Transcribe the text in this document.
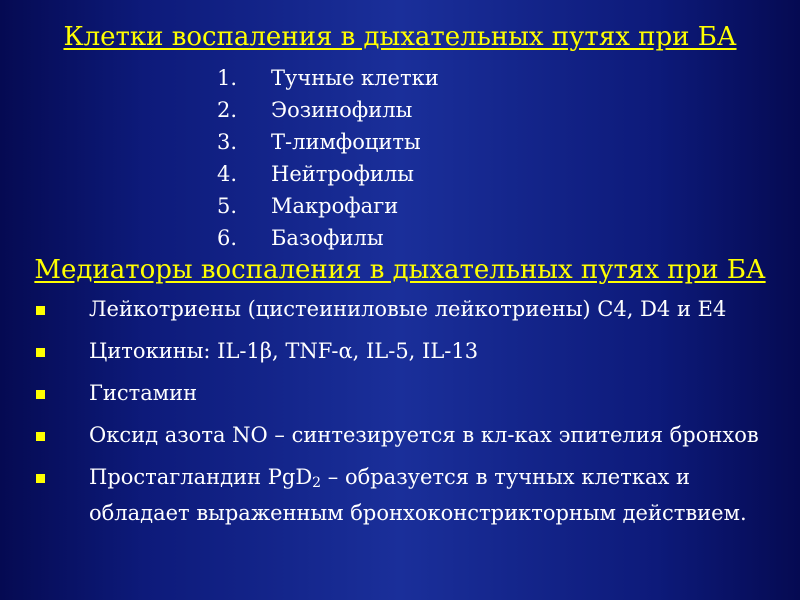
Клетки воспаления в дыхательных путях при БА
1.	Тучные клетки
2.	Эозинофилы
3.	Т-лимфоциты
4.	Нейтрофилы
5.	Макрофаги
6.	Базофилы
Медиаторы воспаления в дыхательных путях при БА
Лейкотриены (цистеиниловые лейкотриены) С4, D4 и Е4
Цитокины: IL-1β, TNF-α, IL-5, IL-13
Гистамин
Оксид азота NO – синтезируется в кл-ках эпителия бронхов
Простагландин PgD$_2$ – образуется в тучных клетках и обладает выраженным бронхоконстрикторным действием.
